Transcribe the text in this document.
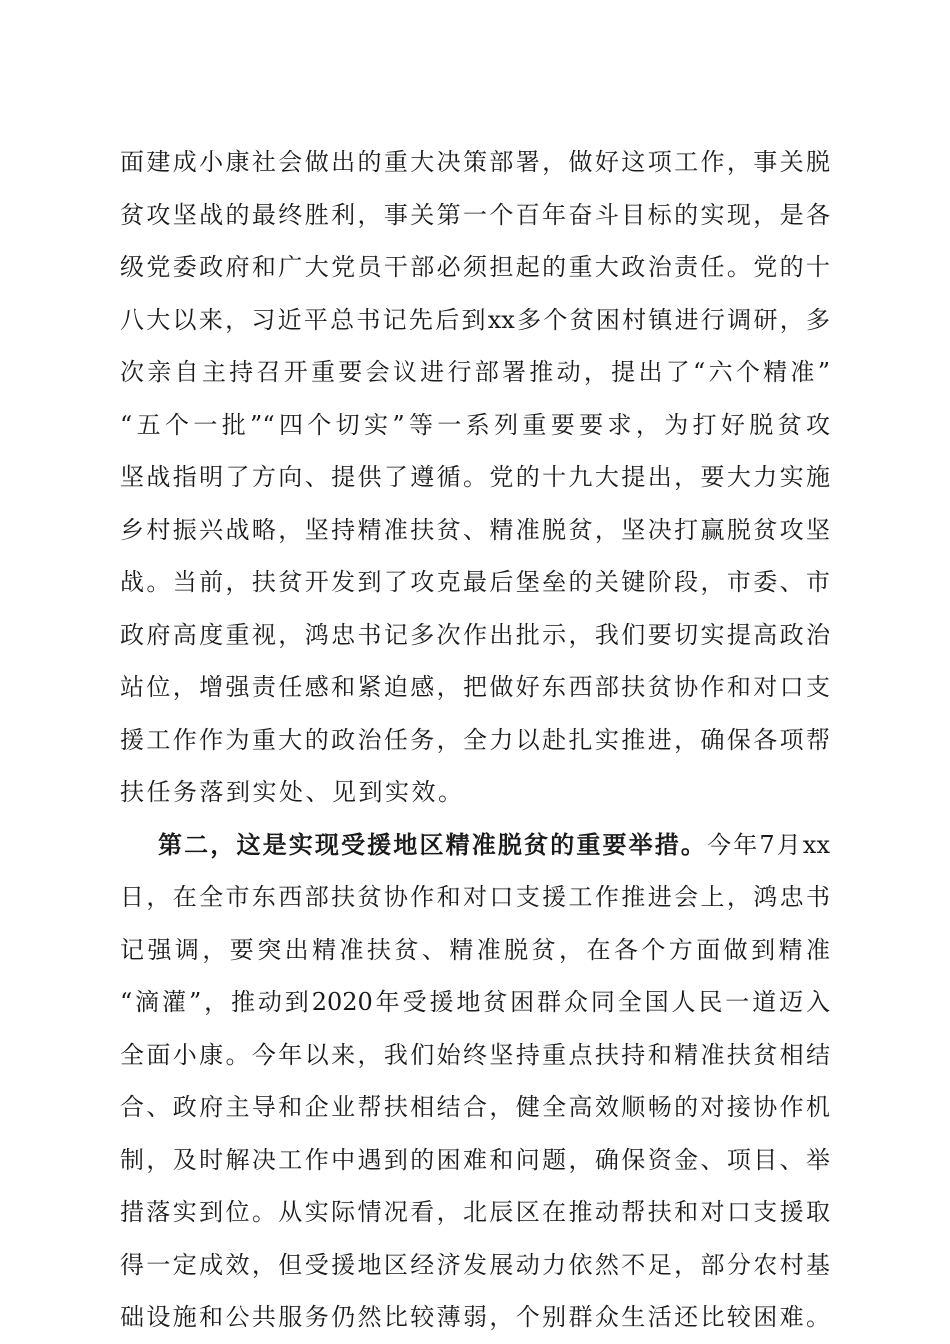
面建成小康社会做出的重大决策部署，做好这项工作，事关脱
贫攻坚战的最终胜利，事关第一个百年奋斗目标的实现，是各
级党委政府和广大党员干部必须担起的重大政治责任。党的十
八大以来，习近平总书记先后到xx多个贫困村镇进行调研，多
次亲自主持召开重要会议进行部署推动，提出了“六个精准”
“五个一批”“四个切实”等一系列重要要求，为打好脱贫攻
坚战指明了方向、提供了遵循。党的十九大提出，要大力实施
乡村振兴战略，坚持精准扶贫、精准脱贫，坚决打赢脱贫攻坚
战。当前，扶贫开发到了攻克最后堡垒的关键阶段，市委、市
政府高度重视，鸿忠书记多次作出批示，我们要切实提高政治
站位，增强责任感和紧迫感，把做好东西部扶贫协作和对口支
援工作作为重大的政治任务，全力以赴扎实推进，确保各项帮
扶任务落到实处、见到实效。
第二，这是实现受援地区精准脱贫的重要举措。今年7月xx
日，在全市东西部扶贫协作和对口支援工作推进会上，鸿忠书
记强调，要突出精准扶贫、精准脱贫，在各个方面做到精准
“滴灌”，推动到2020年受援地贫困群众同全国人民一道迈入
全面小康。今年以来，我们始终坚持重点扶持和精准扶贫相结
合、政府主导和企业帮扶相结合，健全高效顺畅的对接协作机
制，及时解决工作中遇到的困难和问题，确保资金、项目、举
措落实到位。从实际情况看，北辰区在推动帮扶和对口支援取
得一定成效，但受援地区经济发展动力依然不足，部分农村基
础设施和公共服务仍然比较薄弱，个别群众生活还比较困难。
